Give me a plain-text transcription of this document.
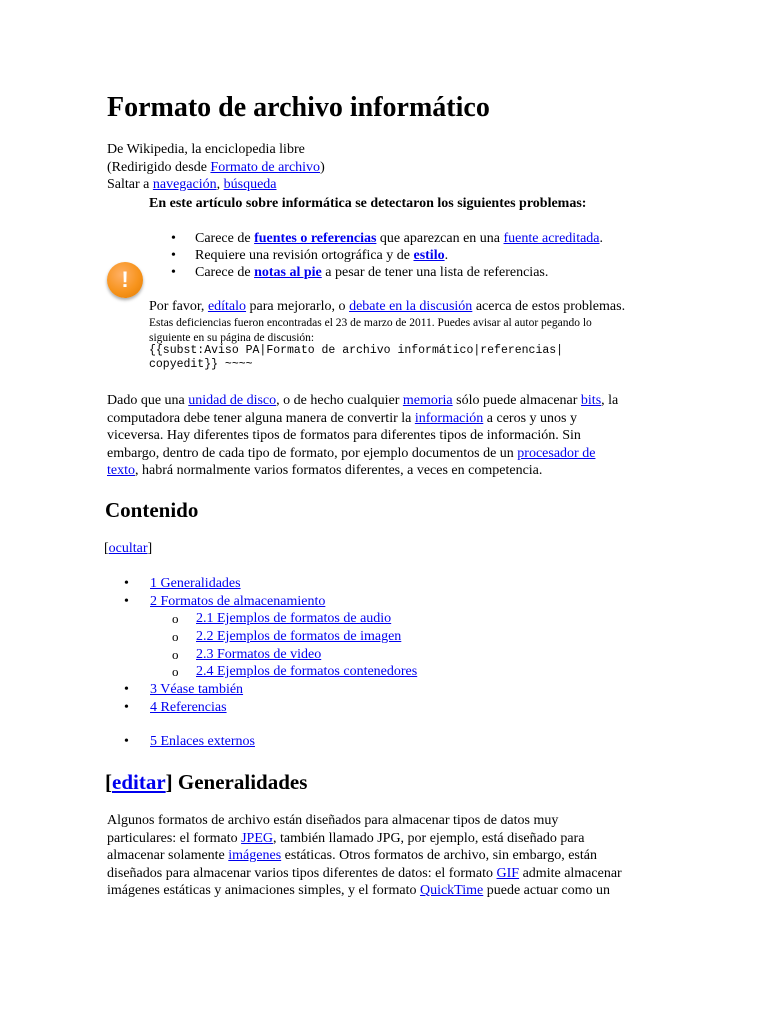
Formato de archivo informático
De Wikipedia, la enciclopedia libre
(Redirigido desde Formato de archivo)
Saltar a navegación, búsqueda
En este artículo sobre informática se detectaron los siguientes problemas:
!
• Carece de fuentes o referencias que aparezcan en una fuente acreditada.
• Requiere una revisión ortográfica y de estilo.
• Carece de notas al pie a pesar de tener una lista de referencias.
Por favor, edítalo para mejorarlo, o debate en la discusión acerca de estos problemas.
Estas deficiencias fueron encontradas el 23 de marzo de 2011. Puedes avisar al autor pegando lo
siguiente en su página de discusión:
{{subst:Aviso PA|Formato de archivo informático|referencias|
copyedit}} ~~~~
Dado que una unidad de disco, o de hecho cualquier memoria sólo puede almacenar bits, la
computadora debe tener alguna manera de convertir la información a ceros y unos y
viceversa. Hay diferentes tipos de formatos para diferentes tipos de información. Sin
embargo, dentro de cada tipo de formato, por ejemplo documentos de un procesador de
texto, habrá normalmente varios formatos diferentes, a veces en competencia.
Contenido
[ocultar]
• 1 Generalidades
• 2 Formatos de almacenamiento
o 2.1 Ejemplos de formatos de audio
o 2.2 Ejemplos de formatos de imagen
o 2.3 Formatos de video
o 2.4 Ejemplos de formatos contenedores
• 3 Véase también
• 4 Referencias
• 5 Enlaces externos
[editar] Generalidades
Algunos formatos de archivo están diseñados para almacenar tipos de datos muy
particulares: el formato JPEG, también llamado JPG, por ejemplo, está diseñado para
almacenar solamente imágenes estáticas. Otros formatos de archivo, sin embargo, están
diseñados para almacenar varios tipos diferentes de datos: el formato GIF admite almacenar
imágenes estáticas y animaciones simples, y el formato QuickTime puede actuar como un
